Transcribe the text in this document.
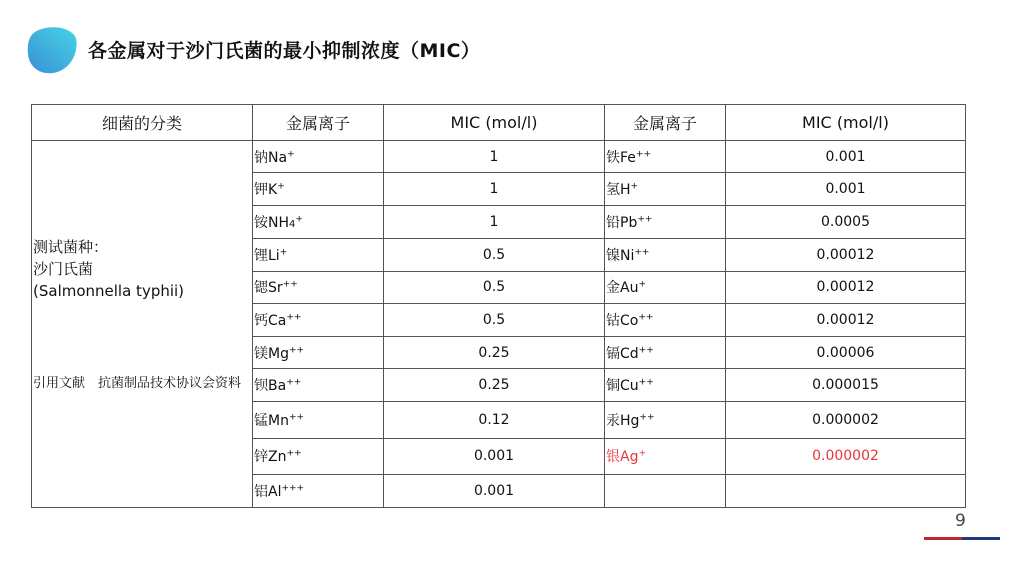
各金属对于沙门氏菌的最小抑制浓度（MIC）
细菌的分类	金属离子	MIC (mol/l)	金属离子	MIC (mol/l)

测试菌种：
沙门氏菌
(Salmonnella typhii)
引用文献　抗菌制品技术协议会资料	钠Na+	1	铁Fe++	0.001
	钾K+	1	氢H+	0.001
	铵NH4+	1	铅Pb++	0.0005
	锂Li+	0.5	镍Ni++	0.00012
	锶Sr++	0.5	金Au+	0.00012
	钙Ca++	0.5	钴Co++	0.00012
	镁Mg++	0.25	镉Cd++	0.00006
	钡Ba++	0.25	铜Cu++	0.000015
	锰Mn++	0.12	汞Hg++	0.000002
	锌Zn++	0.001	银Ag+	0.000002
	铝Al+++	0.001		
9
